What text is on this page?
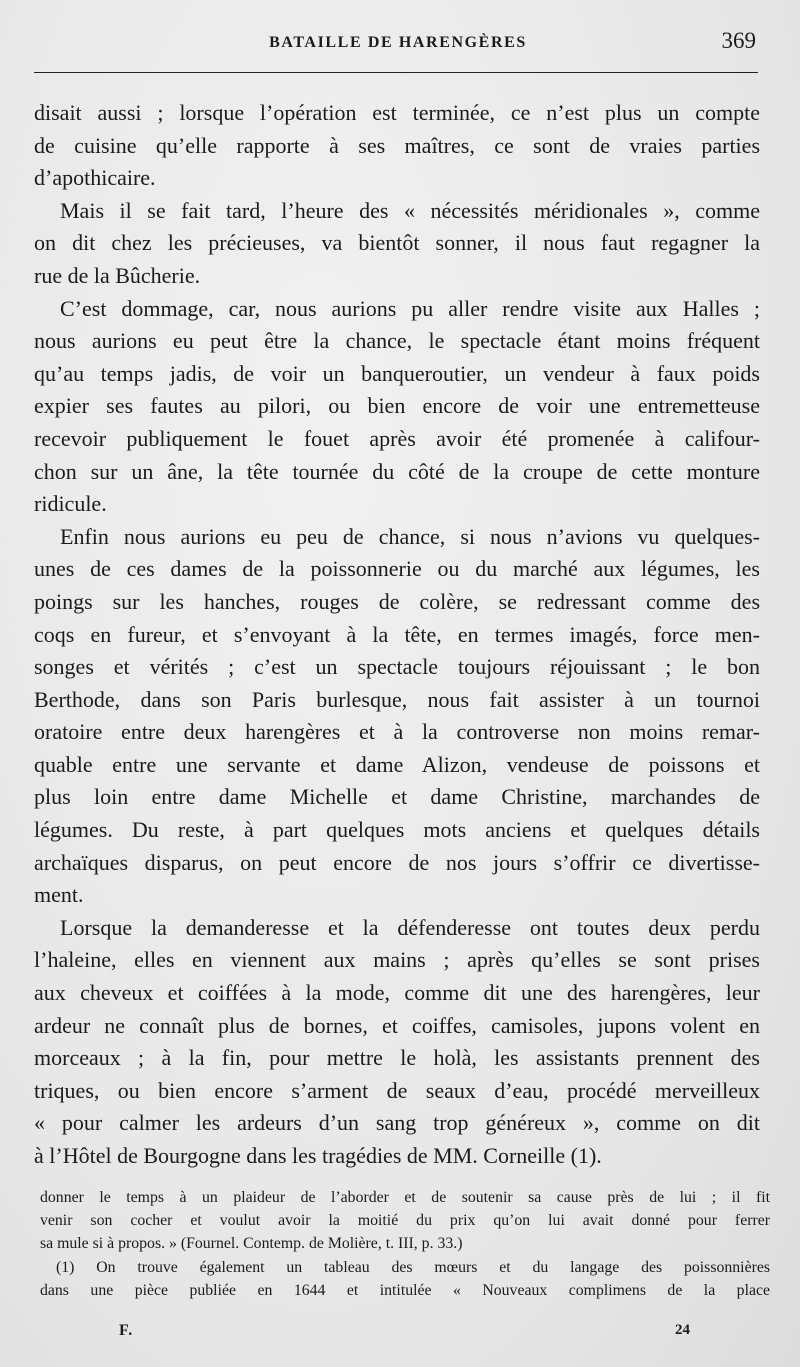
BATAILLE DE HARENGÈRES	369
disait aussi ; lorsque l’opération est terminée, ce n’est plus un compte
de cuisine qu’elle rapporte à ses maîtres, ce sont de vraies parties
d’apothicaire.
Mais il se fait tard, l’heure des « nécessités méridionales », comme
on dit chez les précieuses, va bientôt sonner, il nous faut regagner la
rue de la Bûcherie.
C’est dommage, car, nous aurions pu aller rendre visite aux Halles ;
nous aurions eu peut être la chance, le spectacle étant moins fréquent
qu’au temps jadis, de voir un banqueroutier, un vendeur à faux poids
expier ses fautes au pilori, ou bien encore de voir une entremetteuse
recevoir publiquement le fouet après avoir été promenée à califour-
chon sur un âne, la tête tournée du côté de la croupe de cette monture
ridicule.
Enfin nous aurions eu peu de chance, si nous n’avions vu quelques-
unes de ces dames de la poissonnerie ou du marché aux légumes, les
poings sur les hanches, rouges de colère, se redressant comme des
coqs en fureur, et s’envoyant à la tête, en termes imagés, force men-
songes et vérités ; c’est un spectacle toujours réjouissant ; le bon
Berthode, dans son Paris burlesque, nous fait assister à un tournoi
oratoire entre deux harengères et à la controverse non moins remar-
quable entre une servante et dame Alizon, vendeuse de poissons et
plus loin entre dame Michelle et dame Christine, marchandes de
légumes. Du reste, à part quelques mots anciens et quelques détails
archaïques disparus, on peut encore de nos jours s’offrir ce divertisse-
ment.
Lorsque la demanderesse et la défenderesse ont toutes deux perdu
l’haleine, elles en viennent aux mains ; après qu’elles se sont prises
aux cheveux et coiffées à la mode, comme dit une des harengères, leur
ardeur ne connaît plus de bornes, et coiffes, camisoles, jupons volent en
morceaux ; à la fin, pour mettre le holà, les assistants prennent des
triques, ou bien encore s’arment de seaux d’eau, procédé merveilleux
« pour calmer les ardeurs d’un sang trop généreux », comme on dit
à l’Hôtel de Bourgogne dans les tragédies de MM. Corneille (1).
donner le temps à un plaideur de l’aborder et de soutenir sa cause près de lui ; il fit
venir son cocher et voulut avoir la moitié du prix qu’on lui avait donné pour ferrer
sa mule si à propos. » (Fournel. Contemp. de Molière, t. III, p. 33.)
(1) On trouve également un tableau des mœurs et du langage des poissonnières
dans une pièce publiée en 1644 et intitulée « Nouveaux complimens de la place
F.	24
